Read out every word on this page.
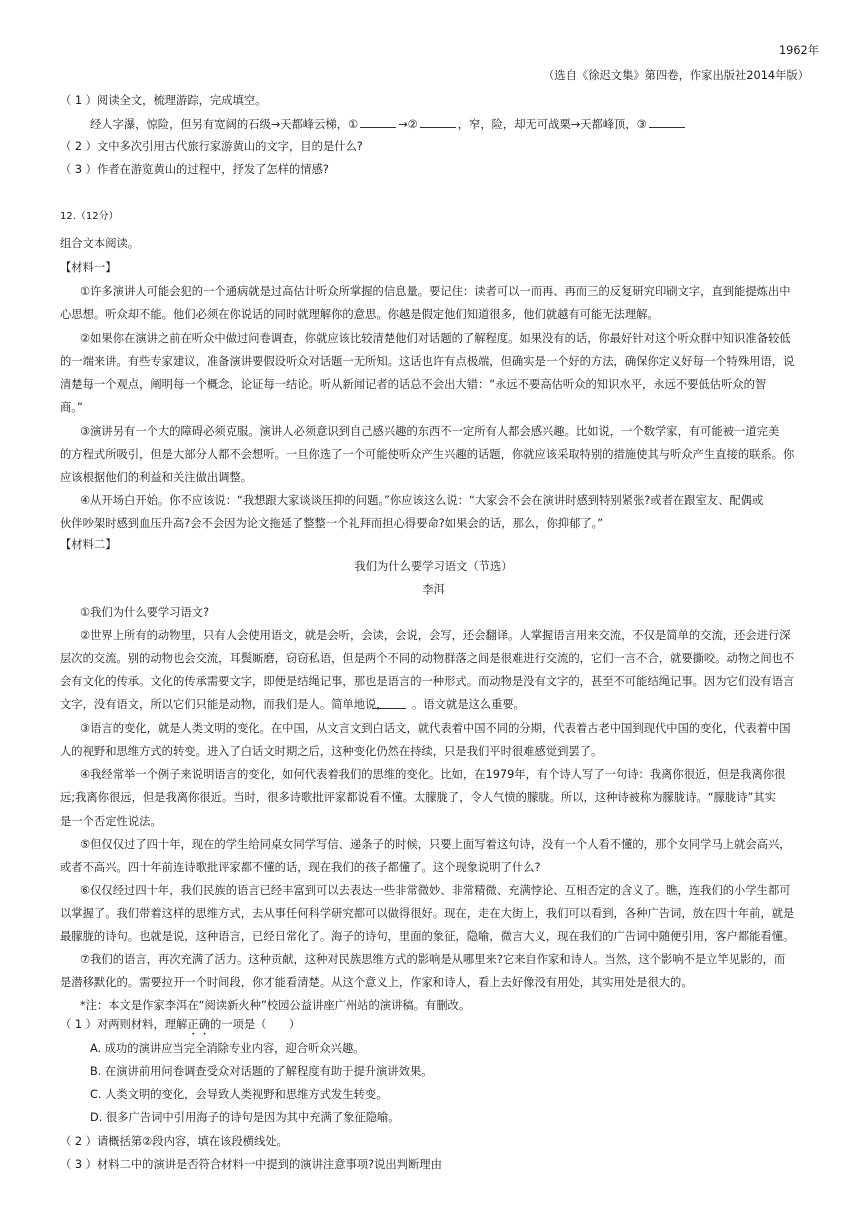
1962年
（选自《徐迟文集》第四卷，作家出版社2014年版）
（ 1 ）阅读全文，梳理游踪，完成填空。
经人字瀑，惊险，但另有宽阔的石级→天都峰云梯，①	→②	，窄，险，却无可战栗→天都峰顶，③
（ 2 ）文中多次引用古代旅行家游黄山的文字，目的是什么?
（ 3 ）作者在游览黄山的过程中，抒发了怎样的情感?
12.（12分）
组合文本阅读。
【材料一】
①许多演讲人可能会犯的一个通病就是过高估计听众所掌握的信息量。要记住：读者可以一而再、再而三的反复研究印刷文字，直到能提炼出中
心思想。听众却不能。他们必须在你说话的同时就理解你的意思。你越是假定他们知道很多，他们就越有可能无法理解。
②如果你在演讲之前在听众中做过问卷调查，你就应该比较清楚他们对话题的了解程度。如果没有的话，你最好针对这个听众群中知识准备较低
的一端来讲。有些专家建议，准备演讲要假设听众对话题一无所知。这话也许有点极端，但确实是一个好的方法，确保你定义好每一个特殊用语，说
清楚每一个观点，阐明每一个概念，论证每一结论。听从新闻记者的话总不会出大错：“永远不要高估听众的知识水平，永远不要低估听众的智
商。”
③演讲另有一个大的障碍必须克服。演讲人必须意识到自己感兴趣的东西不一定所有人都会感兴趣。比如说，一个数学家，有可能被一道完美
的方程式所吸引，但是大部分人都不会想听。一旦你选了一个可能使听众产生兴趣的话题，你就应该采取特别的措施使其与听众产生直接的联系。你
应该根据他们的利益和关注做出调整。
④从开场白开始。你不应该说：“我想跟大家谈谈压抑的问题。”你应该这么说：“大家会不会在演讲时感到特别紧张?或者在跟室友、配偶或
伙伴吵架时感到血压升高?会不会因为论文拖延了整整一个礼拜而担心得要命?如果会的话，那么，你抑郁了。”
【材料二】
我们为什么要学习语文（节选）
李洱
①我们为什么要学习语文?
②世界上所有的动物里，只有人会使用语文，就是会听，会读，会说，会写，还会翻译。人掌握语言用来交流，不仅是简单的交流，还会进行深
层次的交流。别的动物也会交流，耳鬓厮磨，窃窃私语，但是两个不同的动物群落之间是很难进行交流的，它们一言不合，就要撕咬。动物之间也不
会有文化的传承。文化的传承需要文字，即便是结绳记事，那也是语言的一种形式。而动物是没有文字的，甚至不可能结绳记事。因为它们没有语言
文字，没有语文，所以它们只能是动物，而我们是人。简单地说， 。语文就是这么重要。
③语言的变化，就是人类文明的变化。在中国，从文言文到白话文，就代表着中国不同的分期，代表着古老中国到现代中国的变化，代表着中国
人的视野和思维方式的转变。进入了白话文时期之后，这种变化仍然在持续，只是我们平时很难感觉到罢了。
④我经常举一个例子来说明语言的变化，如何代表着我们的思维的变化。比如，在1979年，有个诗人写了一句诗：我离你很近，但是我离你很
远;我离你很远，但是我离你很近。当时，很多诗歌批评家都说看不懂。太朦胧了，令人气愤的朦胧。所以，这种诗被称为朦胧诗。“朦胧诗”其实
是一个否定性说法。
⑤但仅仅过了四十年，现在的学生给同桌女同学写信、递条子的时候，只要上面写着这句诗，没有一个人看不懂的，那个女同学马上就会高兴，
或者不高兴。四十年前连诗歌批评家都不懂的话，现在我们的孩子都懂了。这个现象说明了什么?
⑥仅仅经过四十年，我们民族的语言已经丰富到可以去表达一些非常微妙、非常精微、充满悖论、互相否定的含义了。瞧，连我们的小学生都可
以掌握了。我们带着这样的思维方式，去从事任何科学研究都可以做得很好。现在，走在大街上，我们可以看到，各种广告词，放在四十年前，就是
最朦胧的诗句。也就是说，这种语言，已经日常化了。海子的诗句，里面的象征，隐喻，微言大义，现在我们的广告词中随便引用，客户都能看懂。
⑦我们的语言，再次充满了活力。这种贡献，这种对民族思维方式的影响是从哪里来?它来自作家和诗人。当然，这个影响不是立竿见影的，而
是潜移默化的。需要拉开一个时间段，你才能看清楚。从这个意义上，作家和诗人，看上去好像没有用处，其实用处是很大的。
*注：本文是作家李洱在“阅读新火种”校园公益讲座广州站的演讲稿。有删改。
（ 1 ）对两则材料，理解正确的一项是（　　）
A. 成功的演讲应当完全消除专业内容，迎合听众兴趣。
B. 在演讲前用问卷调查受众对话题的了解程度有助于提升演讲效果。
C. 人类文明的变化，会导致人类视野和思维方式发生转变。
D. 很多广告词中引用海子的诗句是因为其中充满了象征隐喻。
（ 2 ）请概括第②段内容，填在该段横线处。
（ 3 ）材料二中的演讲是否符合材料一中提到的演讲注意事项?说出判断理由
